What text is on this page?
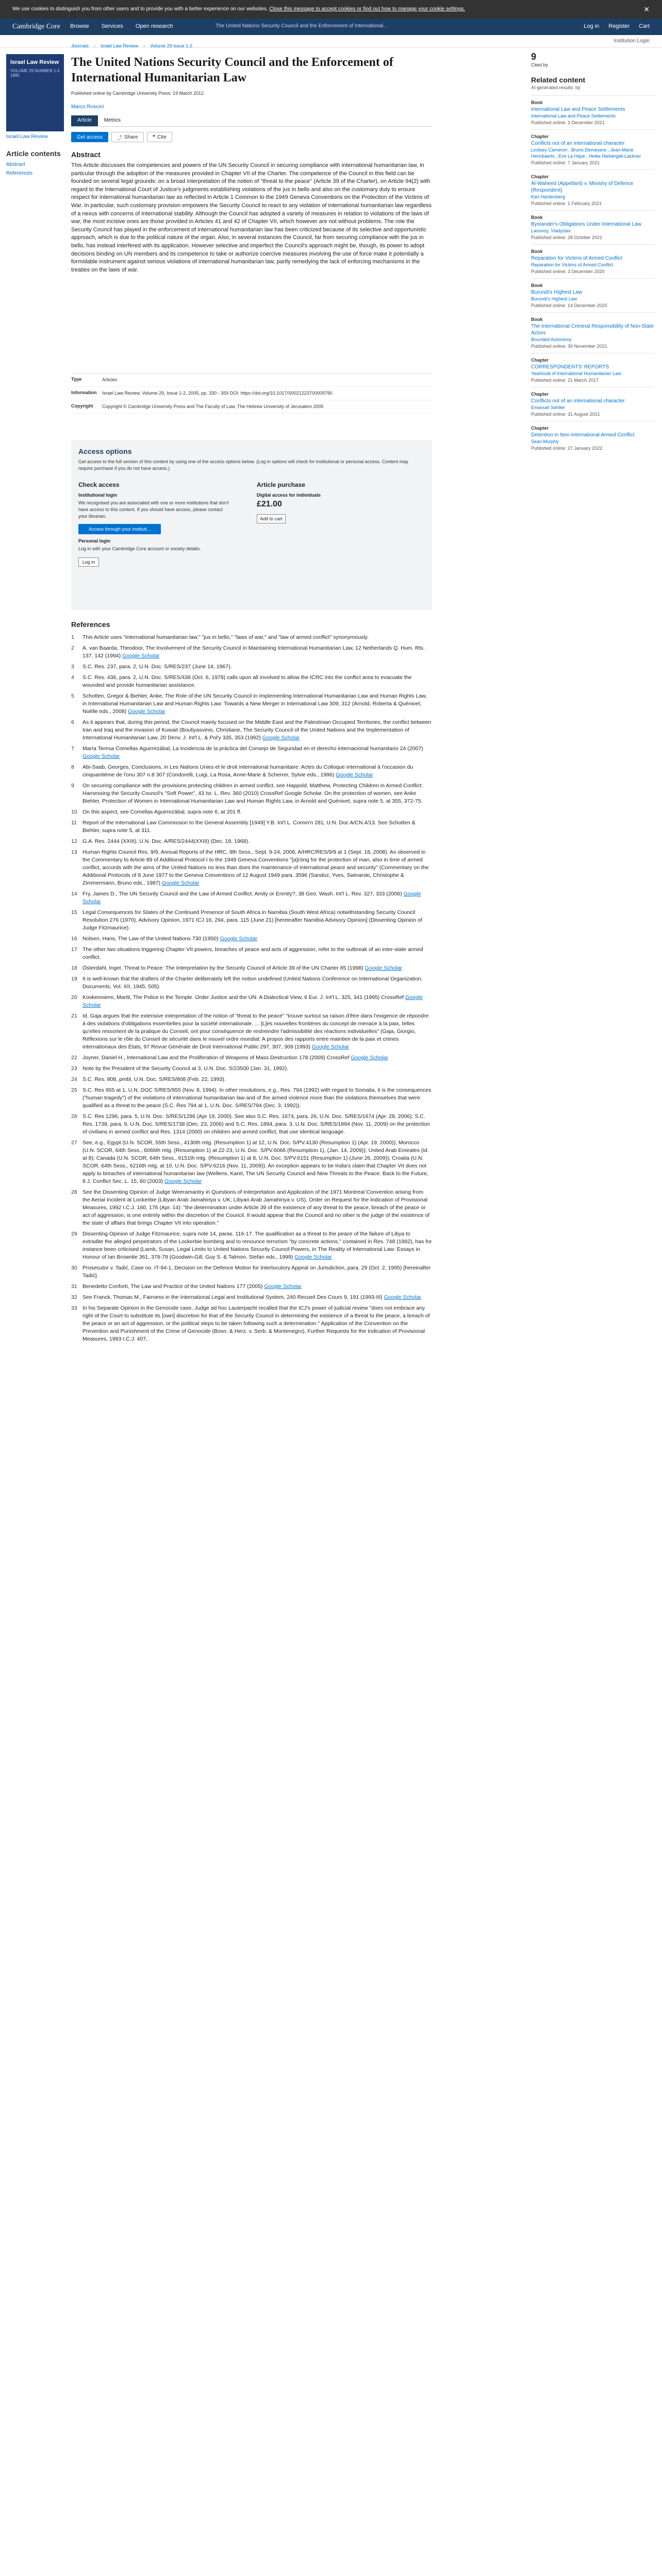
We use cookies to distinguish you from other users and to provide you with a better experience on our websites. Close this message to accept cookies or find out how to manage your cookie settings.	✕
Cambridge Core Browse Services Open research	The United Nations Security Council and the Enforcement of International...	Log in Register Cart
Institution Login
Israel Law Review
VOLUME 29 NUMBER 1-2 1995
Israel Law Review
Article contents
Abstract
References
Journals › Israel Law Review › Volume 29 Issue 1-2
The United Nations Security Council and the Enforcement of International Humanitarian Law
Published online by Cambridge University Press: 19 March 2012
Marco Roscini
Article	Metrics
Get access	⤴ Share	❝ Cite
Abstract

This Article discusses the competences and powers of the UN Security Council in securing compliance with international humanitarian law, in particular through the adoption of the measures provided in Chapter VII of the Charter. The competence of the Council in this field can be founded on several legal grounds: on a broad interpretation of the notion of "threat to the peace" (Article 39 of the Charter), on Article 94(2) with regard to the International Court of Justice's judgments establishing violations of the jus in bello and also on the customary duty to ensure respect for international humanitarian law as reflected in Article 1 Common to the 1949 Geneva Conventions on the Protection of the Victims of War. In particular, such customary provision empowers the Security Council to react to any violation of international humanitarian law regardless of a nexus with concerns of international stability. Although the Council has adopted a variety of measures in relation to violations of the laws of war, the most incisive ones are those provided in Articles 41 and 42 of Chapter VII, which however are not without problems. The role the Security Council has played in the enforcement of international humanitarian law has been criticized because of its selective and opportunistic approach, which is due to the political nature of the organ. Also, in several instances the Council, far from securing compliance with the jus in bello, has instead interfered with its application. However selective and imperfect the Council's approach might be, though, its power to adopt decisions binding on UN members and its competence to take or authorize coercive measures involving the use of force make it potentially a formidable instrument against serious violations of international humanitarian law, partly remedying the lack of enforcing mechanisms in the treaties on the laws of war.

Type	Articles
Information	Israel Law Review, Volume 29, Issue 1-2, 2005, pp. 330 - 359 DOI: https://doi.org/10.1017/S0021223700009790
Copyright	Copyright © Cambridge University Press and The Faculty of Law, The Hebrew University of Jerusalem 2005
Access options
Get access to the full version of this content by using one of the access options below. (Log in options will check for institutional or personal access. Content may require purchase if you do not have access.)
Check access
Institutional login
We recognised you are associated with one or more institutions that don't have access to this content. If you should have access, please contact your librarian.
Access through your instituti...
Personal login
Log in with your Cambridge Core account or society details.
Log in
Article purchase
Digital access for individuals
£21.00
Add to cart
References
1	This Article uses "international humanitarian law," "jus in bello," "laws of war," and "law of armed conflict" synonymously.
2	A. van Baarda, Theodoor, The Involvement of the Security Council in Maintaining International Humanitarian Law, 12 Netherlands Q. Hum. Rts. 137, 142 (1994) Google Scholar
3	S.C. Res. 237, para. 2, U.N. Doc. S/RES/237 (June 14, 1967).
4	S.C. Res. 436, para. 2, U.N. Doc. S/RES/436 (Oct. 6, 1978) calls upon all involved to allow the ICRC into the conflict area to evacuate the wounded and provide humanitarian assistance.
5	Schotten, Gregor & Biehler, Anke, The Role of the UN Security Council in Implementing International Humanitarian Law and Human Rights Law, in International Humanitarian Law and Human Rights Law: Towards a New Merger in International Law 309, 312 (Arnold, Roberta & Quénivet, Noëlle eds., 2008) Google Scholar
6	As it appears that, during this period, the Council mainly focused on the Middle East and the Palestinian Occupied Territories, the conflict between Iran and Iraq and the invasion of Kuwait (Boutiyasvinis, Christiane, The Security Council of the United Nations and the Implementation of International Humanitarian Law, 20 Denv. J. Int'l L. & Pol'y 335, 353 (1992) Google Scholar
7	María Teresa Comellas Aguirrezábal, La Incidencia de la práctica del Consejo de Seguridad en el derecho internacional humanitario 24 (2007) Google Scholar
8	Abi-Saab, Georges, Conclusions, in Les Nations Unies et le droit international humanitaire: Actes du Colloque international à l'occasion du cinquantième de l'onu 307 n.8 307 (Condorelli, Luigi, La Rosa, Anne-Marie & Scherrer, Sylvie eds., 1996) Google Scholar
9	On securing compliance with the provisions protecting children in armed conflict, see Happold, Matthew, Protecting Children in Armed Conflict: Harnessing the Security Council's "Soft Power", 43 Isr. L. Rev. 360 (2010) CrossRef Google Scholar. On the protection of women, see Anke Biehler, Protection of Women in International Humanitarian Law and Human Rights Law, in Arnold and Quénivet, supra note 5, at 355, 372-75.
10 On this aspect, see Comellas Aguirrezábal, supra note 6, at 201 ff.
11	Report of the International Law Commission to the General Assembly [1949] Y.B. Int'l L. Comm'n 281, U.N. Doc A/CN.4/13. See Schotten & Biehler, supra note 5, at 311.
12 G.A. Res. 2444 (XXIII), U.N. Doc. A/RES/2444(XXIII) (Dec. 19, 1968).
13 Human Rights Council Res. 9/9, Annual Reports of the HRC, 9th Sess., Sept. 9-24, 2008, A/HRC/RES/9/9 at 1 (Sept. 18, 2008). As observed in the Commentary to Article 89 of Additional Protocol I to the 1949 Geneva Conventions "[a]cting for the protection of man, also in time of armed conflict, accords with the aims of the United Nations no less than does the maintenance of international peace and security" (Commentary on the Additional Protocols of 8 June 1977 to the Geneva Conventions of 12 August 1949 para. 3596 (Sandoz, Yves, Swinarski, Christophe & Zimmermann, Bruno eds., 1987) Google Scholar
14 Fry, James D., The UN Security Council and the Law of Armed Conflict: Amity or Enmity?, 38 Geo. Wash. Int'l L. Rev. 327, 333 (2006) Google Scholar
15 Legal Consequences for States of the Continued Presence of South Africa in Namibia (South West Africa) notwithstanding Security Council Resolution 276 (1970), Advisory Opinion, 1971 ICJ 16, 294, para. 115 (June 21) [hereinafter Namibia Advisory Opinion] (Dissenting Opinion of Judge Fitzmaurice).
16 Nolsen, Hans, The Law of the United Nations 730 (1950) Google Scholar
17 The other two situations triggering Chapter VII powers, breaches of peace and acts of aggression, refer to the outbreak of an inter-state armed conflict.
18 Österdahl, Inger, Threat to Peace: The Interpretation by the Security Council of Article 39 of the UN Charter 85 (1998) Google Scholar
19 It is well-known that the drafters of the Charter deliberately left the notion undefined (United Nations Conference on International Organization, Documents, Vol. XII, 1945, 505).
20 Koskenniemi, Martti, The Police in the Temple. Order Justice and the UN: A Dialectical View, 6 Eur. J. Int'l L. 325, 341 (1995) CrossRef Google Scholar
21 Id. Gaja argues that the extensive interpretation of the notion of "threat to the peace" "trouve surtout sa raison d'être dans l'exigence de répondre à des violations d'obligations essentielles pour la société internationale. ... [L]es nouvelles frontières du concept de menace à la paix, telles qu'elles ressortent de la pratique du Conseil, ont pour conséquence de restreindre l'admissibilité des réactions individuelles" (Gaja, Giorgio, Réflexions sur le rôle du Conseil de sécurité dans le nouvel ordre mondial: A propos des rapports entre maintien de la paix et crimes internationaux des États, 97 Revue Générale de Droit International Public 297, 307, 309 (1993) Google Scholar
22 Joyner, Daniel H., International Law and the Proliferation of Weapons of Mass Destruction 178 (2009) CrossRef Google Scholar
23 Note by the President of the Security Council at 3, U.N. Doc. S/23500 (Jan. 31, 1992).
24 S.C. Res. 808, pmbl, U.N. Doc. S/RES/808 (Feb. 22, 1993).
25 S.C. Res 955 at 1, U.N. DOC S/RES/955 (Nov. 8, 1994). In other resolutions, e.g., Res. 794 (1992) with regard to Somalia, it is the consequences ("human tragedy") of the violations of international humanitarian law and of the armed violence more than the violations themselves that were qualified as a threat to the peace (S.C. Res 794 at 1, U.N. Doc. S/RES/794 (Dec. 3, 1992)).
26 S.C. Res 1296, para. 5, U.N. Doc. S/RES/1296 (Apr 19, 2000). See also S.C. Res. 1674, para. 26, U.N. Doc. S/RES/1674 (Apr. 28, 2006); S.C. Res. 1738, para. 9, U.N. Doc. S/RES/1738 (Dec. 23, 2006) and S.C. Res. 1894, para. 3, U.N. Doc. S/RES/1894 (Nov. 11, 2009) on the protection of civilians in armed conflict and Res. 1314 (2000) on children and armed conflict, that use identical language.
27 See, e.g., Egypt (U.N. SCOR, 55th Sess., 4130th mtg. (Resumption 1) at 12, U.N. Doc. S/PV.4130 (Resumption 1) (Apr. 19, 2000)); Morocco (U.N. SCOR, 64th Sess., 6066th mtg. (Resumption 1) at 22-23, U.N. Doc. S/PV.6066 (Resumption 1), (Jan. 14, 2009)); United Arab Emirates (id. at 8); Canada (U.N. SCOR, 64th Sess., 6151th mtg. (Resumption 1) at 8, U.N. Doc. S/PV.6151 (Resumption 1) (June 26, 2009)); Croatia (U.N. SCOR, 64th Sess., 6216th mtg. at 10, U.N. Doc. S/PV.6216 (Nov. 11, 2009)). An exception appears to be India's claim that Chapter VII does not apply to breaches of international humanitarian law (Wellens, Karel, The UN Security Council and New Threats to the Peace: Back to the Future, 8 J. Conflict Sec. L. 15, 60 (2003) Google Scholar
28 See the Dissenting Opinion of Judge Weeramantry in Questions of Interpretation and Application of the 1971 Montreal Convention arising from the Aerial Incident at Lockerbie (Libyan Arab Jamahiriya v. UK; Libyan Arab Jamahiriya v. US), Order on Request for the Indication of Provisional Measures, 1992 I.C.J. 160, 176 (Apr. 14): "the determination under Article 39 of the existence of any threat to the peace, breach of the peace or act of aggression, is one entirely within the discretion of the Council. It would appear that the Council and no other is the judge of the existence of the state of affairs that brings Chapter VII into operation."
29 Dissenting Opinion of Judge Fitzmaurice, supra note 14, paras. 116-17. The qualification as a threat to the peace of the failure of Libya to extradite the alleged perpetrators of the Lockerbie bombing and to renounce terrorism "by concrete actions," contained in Res. 748 (1992), has for instance been criticised (Lamb, Susan, Legal Limits to United Nations Security Council Powers, in The Reality of International Law: Essays in Honour of Ian Brownlie 361, 378-79 (Goodwin-Gill, Guy S. & Talmon, Stefan eds., 1999) Google Scholar
30 Prosecutor v. Tadić, Case no. IT-94-1, Decision on the Defence Motion for Interlocutory Appeal on Jurisdiction, para. 29 (Oct. 2, 1995) [hereinafter Tadić].
31 Benedetto Conforti, The Law and Practice of the United Nations 177 (2005) Google Scholar
32 See Franck, Thomas M., Fairness in the International Legal and Institutional System, 240 Recueil Des Cours 9, 191 (1993-III) Google Scholar
33 In his Separate Opinion in the Genocide case, Judge ad hoc Lauterpacht recalled that the ICJ's power of judicial review "does not embrace any right of the Court to substitute its [own] discretion for that of the Security Council in determining the existence of a threat to the peace, a breach of the peace or an act of aggression, or the political steps to be taken following such a determination." Application of the Convention on the Prevention and Punishment of the Crime of Genocide (Bosn. & Herz. v. Serb. & Montenegro), Further Requests for the Indication of Provisional Measures, 1993 I.C.J. 407,
9
Cited by
Related content
AI-generated results: by
Book
International Law and Peace Settlements
International Law and Peace Settlements
Published online: 3 December 2021
Chapter
Conflicts not of an international character
Lindsey Cameron , Bruno Demeyere , Jean-Marie Henckaerts , Eve La Haye , Heike Niebergall-Lackner
Published online: 7 January 2021
Chapter
Al-Waheed (Appellant) v. Ministry of Defence (Respondent)
Karl Hardenberg
Published online: 1 February 2021
Book
Bystander's Obligations Under International Law
Lanovoy, Vladyslav
Published online: 28 October 2021
Book
Reparation for Victims of Armed Conflict
Reparation for Victims of Armed Conflict
Published online: 3 December 2020
Book
Burundi's Highest Law
Burundi's Highest Law
Published online: 14 December 2020
Book
The International Criminal Responsibility of Non-State Actors
Bounded Autonomy
Published online: 30 November 2021
Chapter
CORRESPONDENTS' REPORTS
Yearbook of International Humanitarian Law
Published online: 21 March 2017
Chapter
Conflicts not of an international character
Emanuel Sehller
Published online: 31 August 2021
Chapter
Detention in Non-International Armed Conflict
Sean Murphy
Published online: 27 January 2022
